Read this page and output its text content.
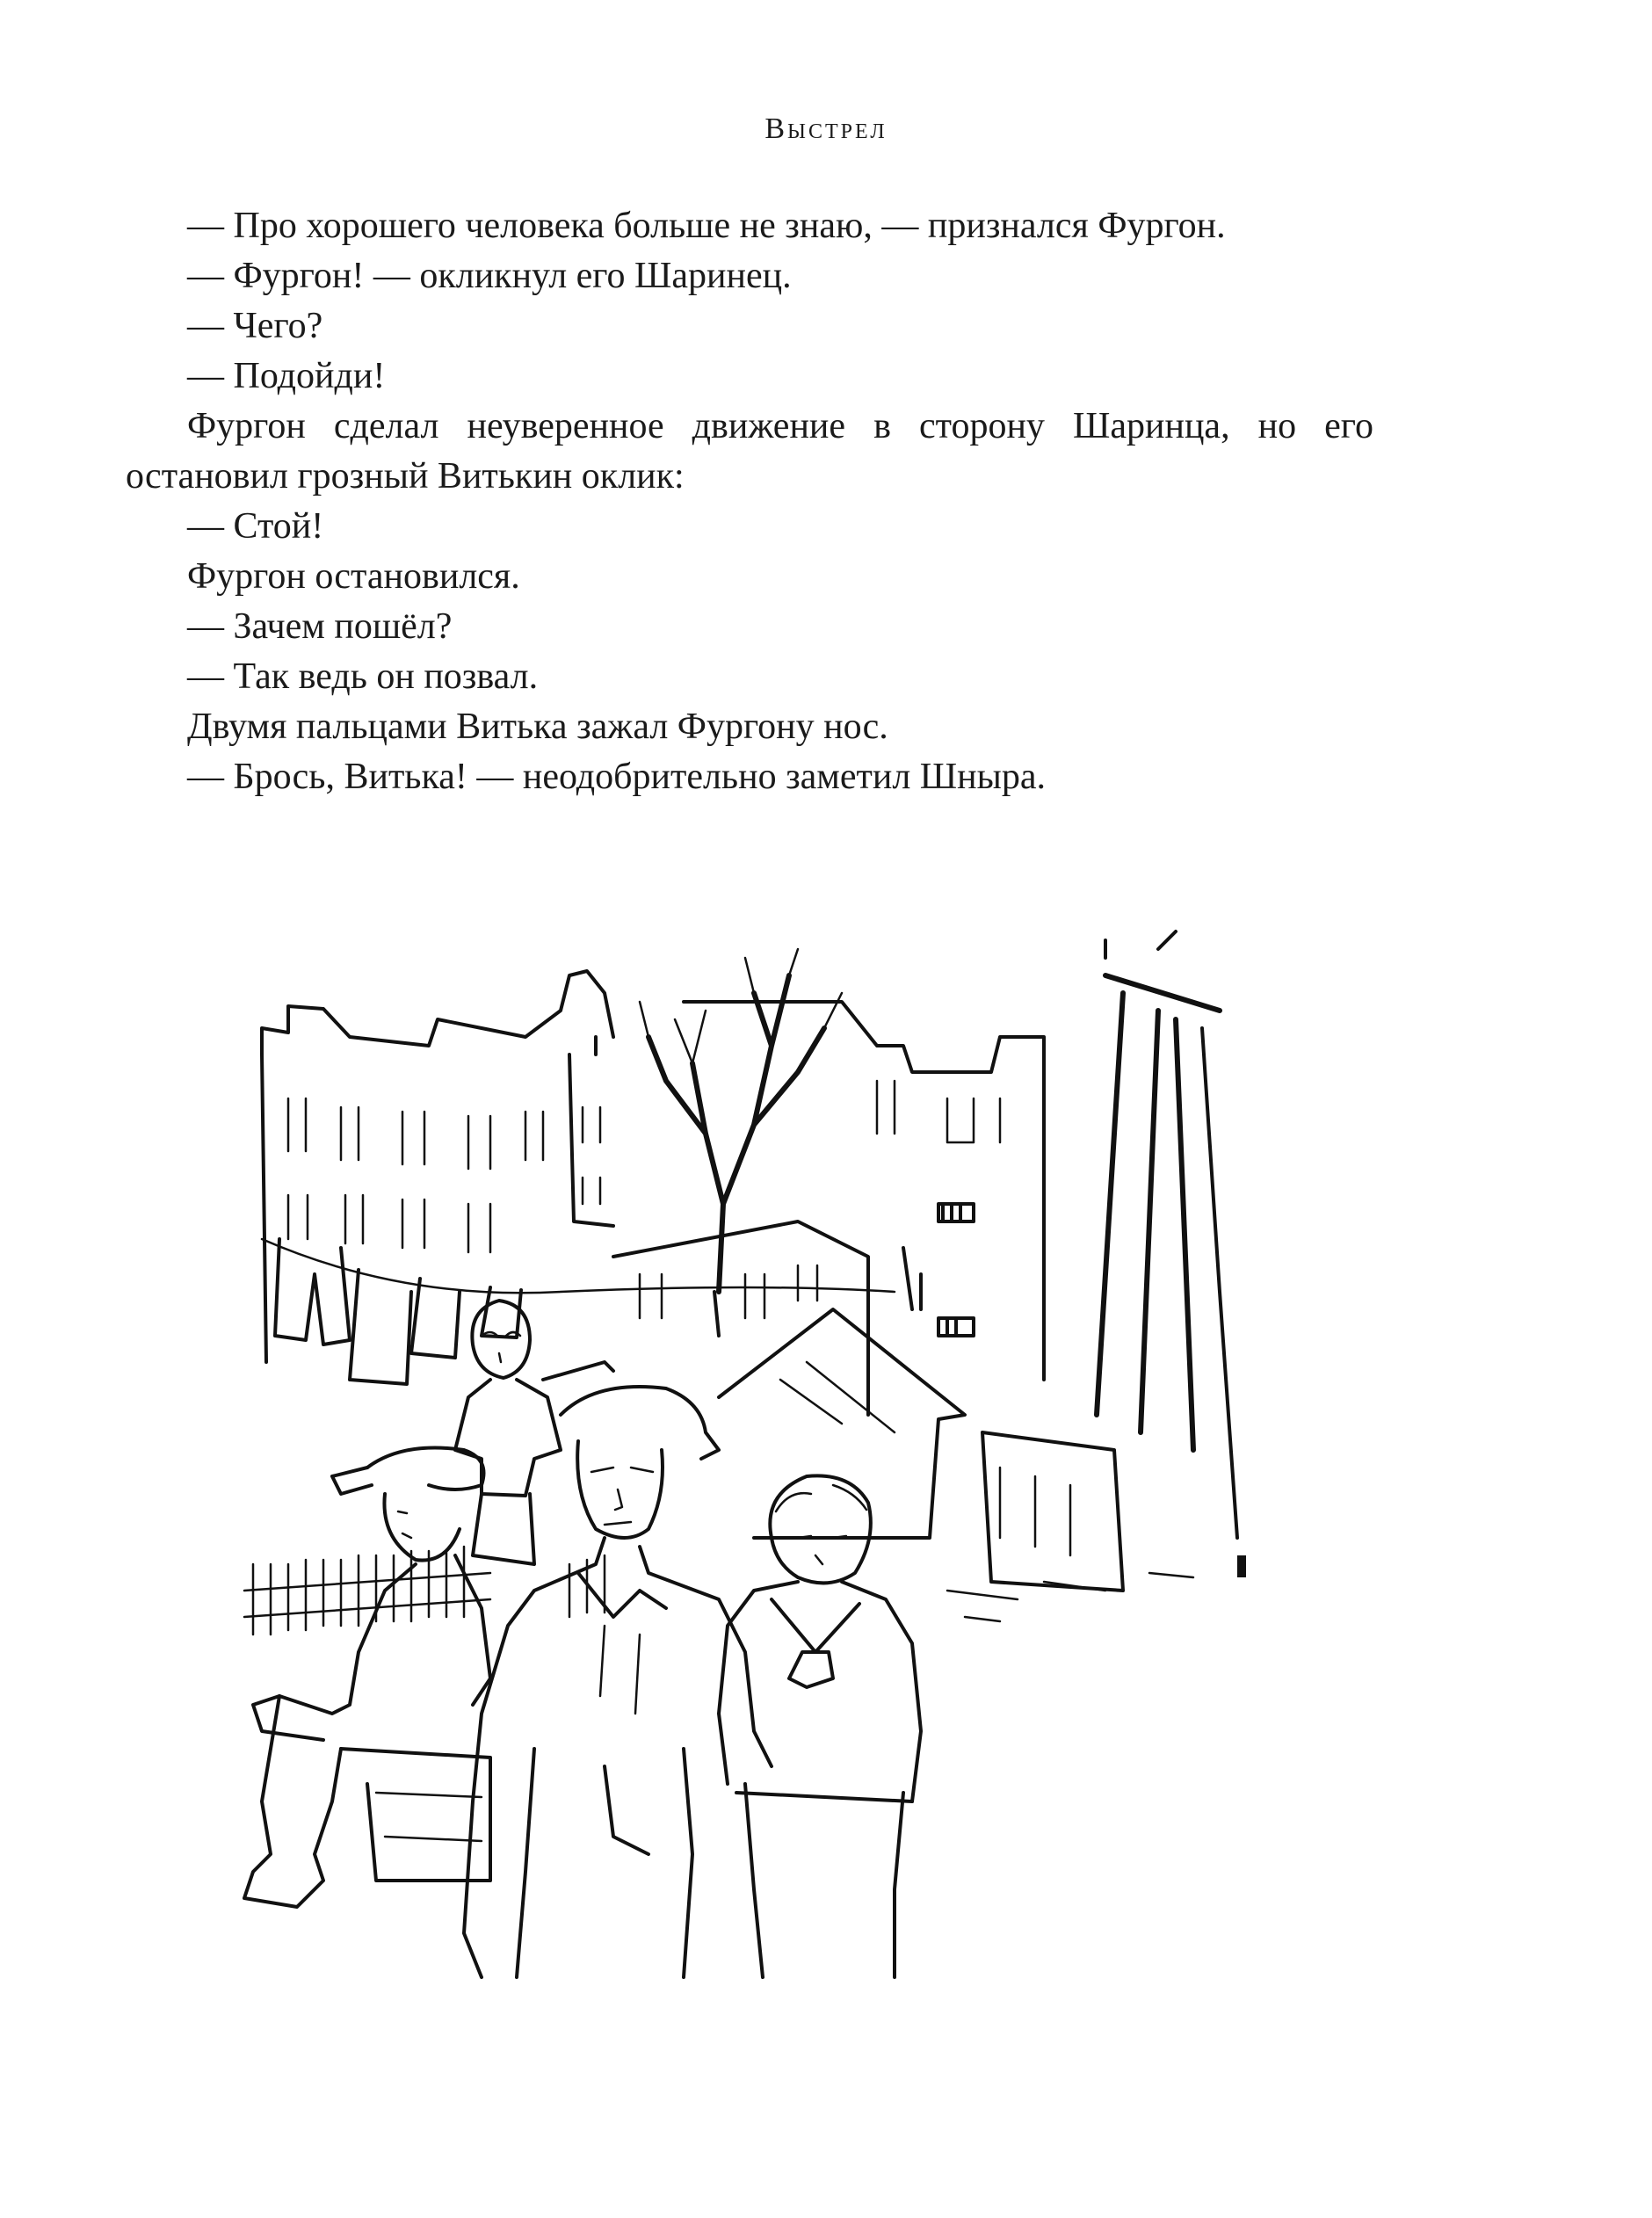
Выстрел

— Про хорошего человека больше не знаю, — признался Фургон.

— Фургон! — окликнул его Шаринец.

— Чего?

— Подойди!

Фургон сделал неуверенное движение в сторону Шаринца, но его остановил грозный Витькин оклик:

— Стой!

Фургон остановился.

— Зачем пошёл?

— Так ведь он позвал.

Двумя пальцами Витька зажал Фургону нос.

— Брось, Витька! — неодобрительно заметил Шныра.
